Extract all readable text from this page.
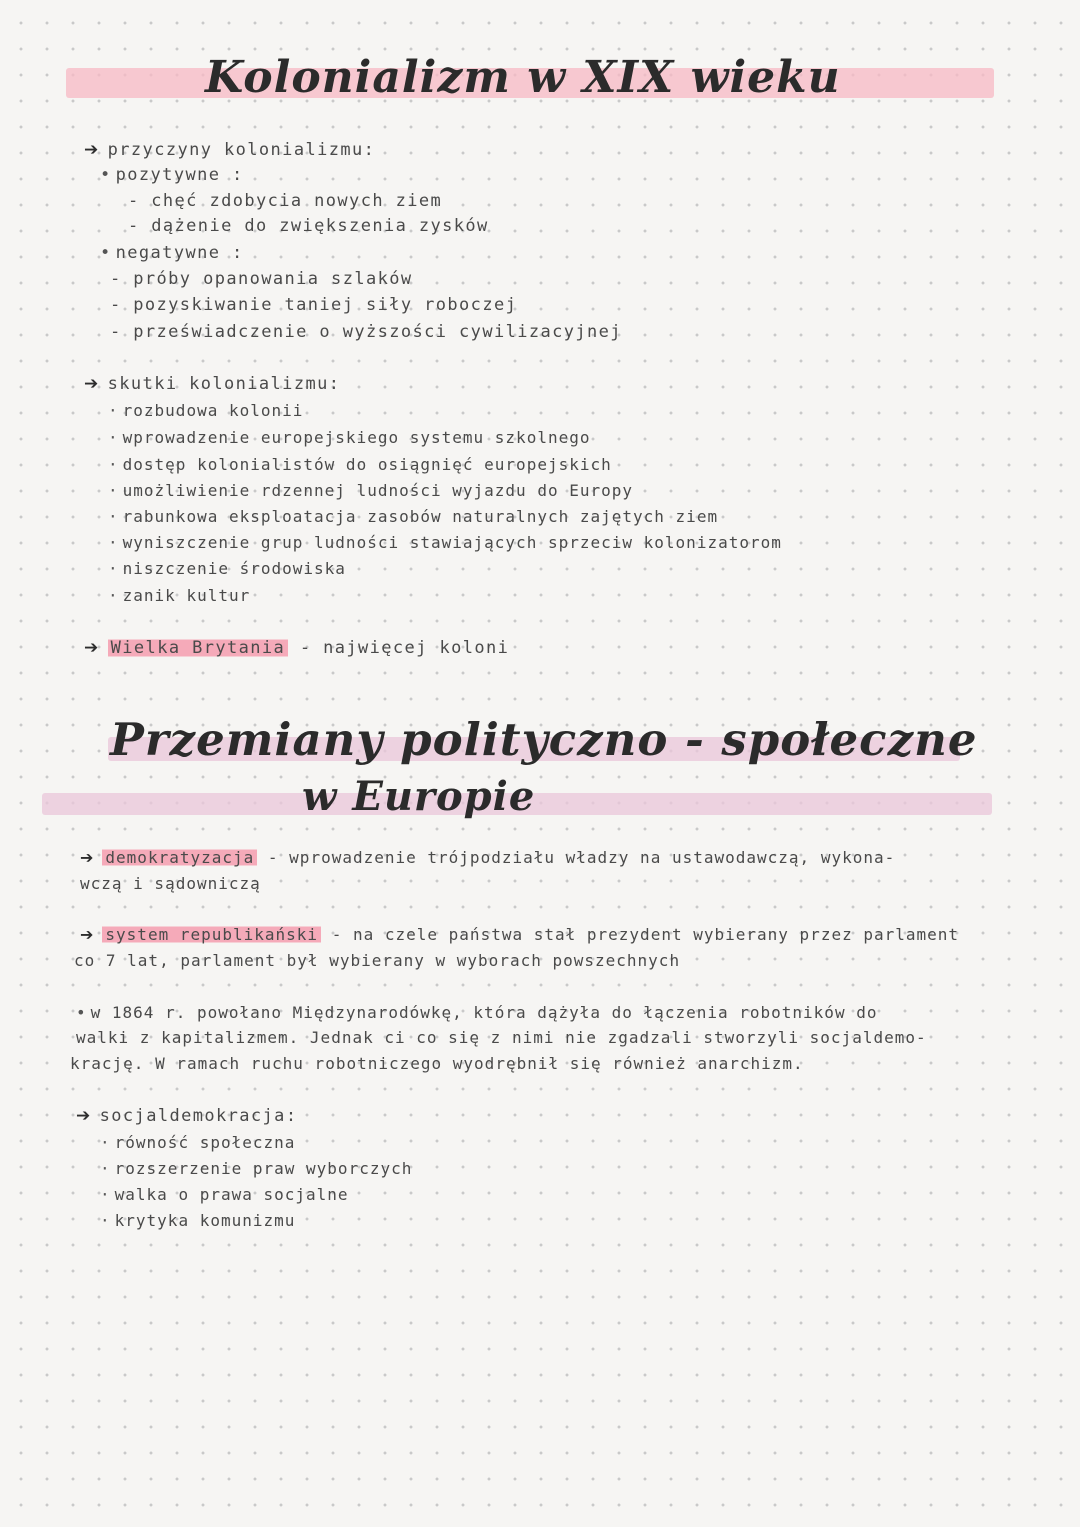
Kolonializm w XIX wieku
➔ przyczyny kolonializmu:
• pozytywne :
- chęć zdobycia nowych ziem
- dążenie do zwiększenia zysków
• negatywne :
- próby opanowania szlaków
- pozyskiwanie taniej siły roboczej
- przeświadczenie o wyższości cywilizacyjnej
➔ skutki kolonializmu:
· rozbudowa kolonii
· wprowadzenie europejskiego systemu szkolnego
· dostęp kolonialistów do osiągnięć europejskich
· umożliwienie rdzennej ludności wyjazdu do Europy
· rabunkowa eksploatacja zasobów naturalnych zajętych ziem
· wyniszczenie grup ludności stawiających sprzeciw kolonizatorom
· niszczenie środowiska
· zanik kultur
➔ Wielka Brytania - najwięcej koloni
Przemiany polityczno - społeczne
w Europie
➔ demokratyzacja - wprowadzenie trójpodziału władzy na ustawodawczą, wykona-
wczą i sądowniczą
➔ system republikański - na czele państwa stał prezydent wybierany przez parlament
co 7 lat, parlament był wybierany w wyborach powszechnych
• w 1864 r. powołano Międzynarodówkę, która dążyła do łączenia robotników do
walki z kapitalizmem. Jednak ci co się z nimi nie zgadzali stworzyli socjaldemo-
krację. W ramach ruchu robotniczego wyodrębnił się również anarchizm.
➔ socjaldemokracja:
· równość społeczna
· rozszerzenie praw wyborczych
· walka o prawa socjalne
· krytyka komunizmu
